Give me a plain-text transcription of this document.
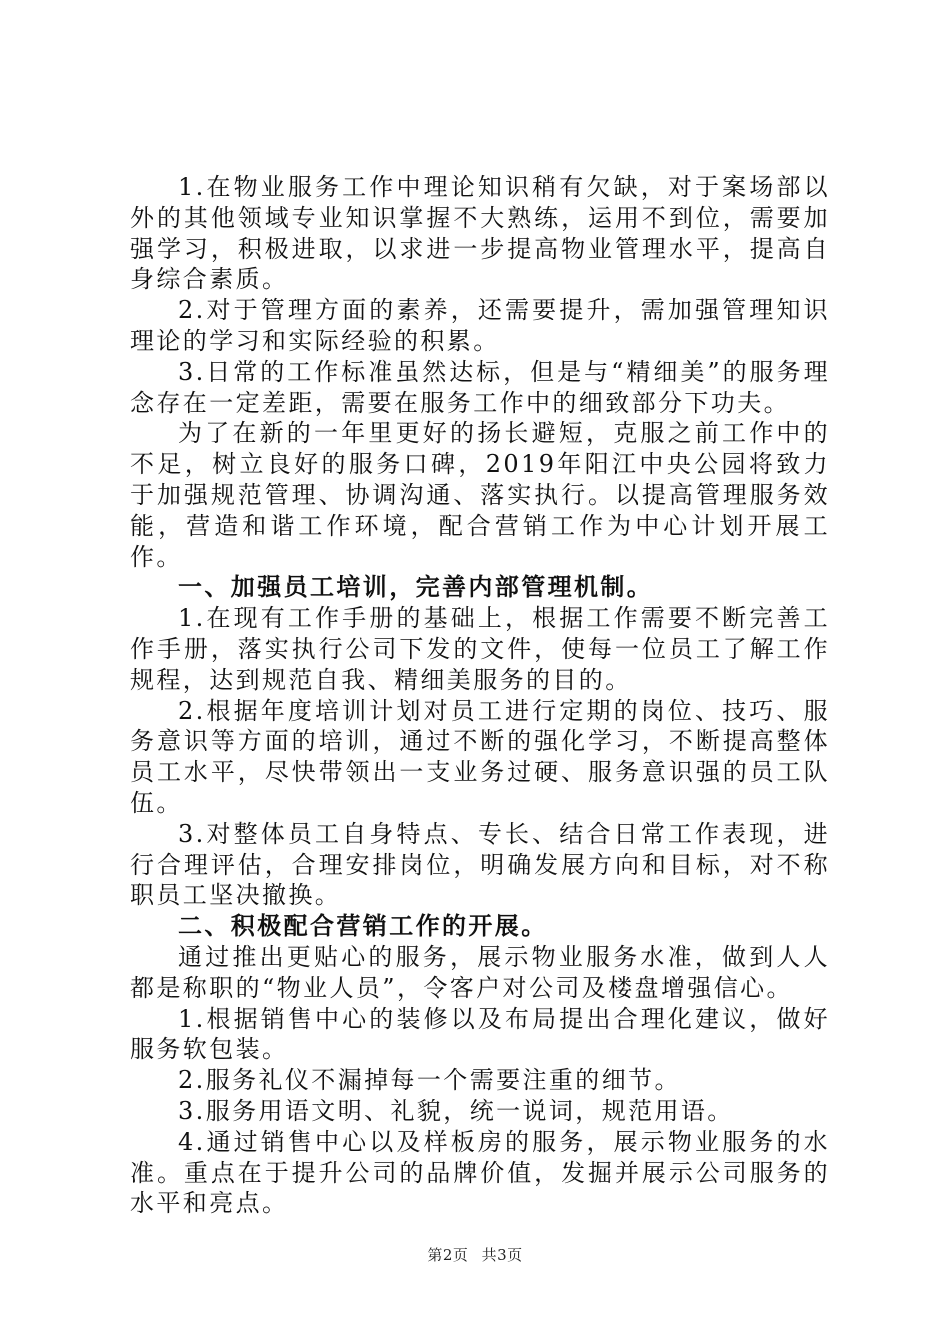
1.在物业服务工作中理论知识稍有欠缺，对于案场部以外的其他领域专业知识掌握不大熟练，运用不到位，需要加强学习，积极进取，以求进一步提高物业管理水平，提高自身综合素质。

2.对于管理方面的素养，还需要提升，需加强管理知识理论的学习和实际经验的积累。

3.日常的工作标准虽然达标，但是与“精细美”的服务理念存在一定差距，需要在服务工作中的细致部分下功夫。

为了在新的一年里更好的扬长避短，克服之前工作中的不足，树立良好的服务口碑，2019年阳江中央公园将致力于加强规范管理、协调沟通、落实执行。以提高管理服务效能，营造和谐工作环境，配合营销工作为中心计划开展工作。

一、加强员工培训，完善内部管理机制。

1.在现有工作手册的基础上，根据工作需要不断完善工作手册，落实执行公司下发的文件，使每一位员工了解工作规程，达到规范自我、精细美服务的目的。

2.根据年度培训计划对员工进行定期的岗位、技巧、服务意识等方面的培训，通过不断的强化学习，不断提高整体员工水平，尽快带领出一支业务过硬、服务意识强的员工队伍。

3.对整体员工自身特点、专长、结合日常工作表现，进行合理评估，合理安排岗位，明确发展方向和目标，对不称职员工坚决撤换。

二、积极配合营销工作的开展。

通过推出更贴心的服务，展示物业服务水准，做到人人都是称职的“物业人员”，令客户对公司及楼盘增强信心。

1.根据销售中心的装修以及布局提出合理化建议，做好服务软包装。

2.服务礼仪不漏掉每一个需要注重的细节。

3.服务用语文明、礼貌，统一说词，规范用语。

4.通过销售中心以及样板房的服务，展示物业服务的水准。重点在于提升公司的品牌价值，发掘并展示公司服务的水平和亮点。

第2页 共3页
